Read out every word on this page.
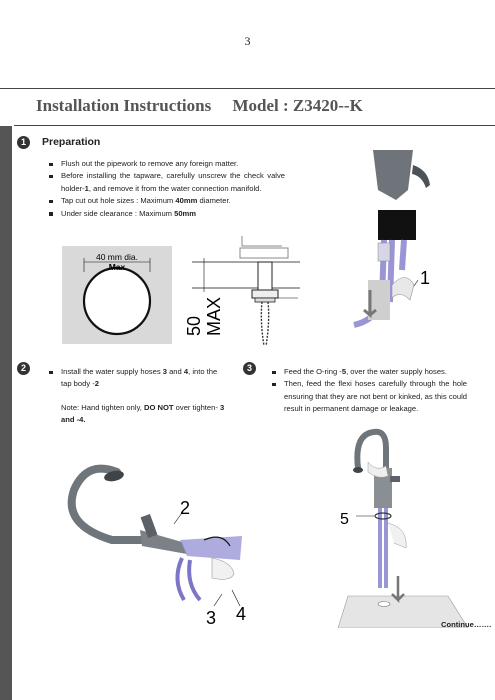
3
Installation Instructions Model : Z3420--K
1	Preparation
Flush out the pipework to remove any foreign matter.
Before installing the tapware, carefully unscrew the check valve holder-1, and remove it from the water connection manifold.
Tap cut out hole sizes : Maximum 40mm diameter.
Under side clearance : Maximum 50mm
40 mm dia.
Max
50 MAX
1
2	Install the water supply hoses 3 and 4, into the tap body -2
Note: Hand tighten only, DO NOT over tighten- 3 and -4.
2
3 4
3	Feed the O-ring -5, over the water supply hoses.
Then, feed the flexi hoses carefully through the hole ensuring that they are not bent or kinked, as this could result in permanent damage or leakage.
5
Continue…….
